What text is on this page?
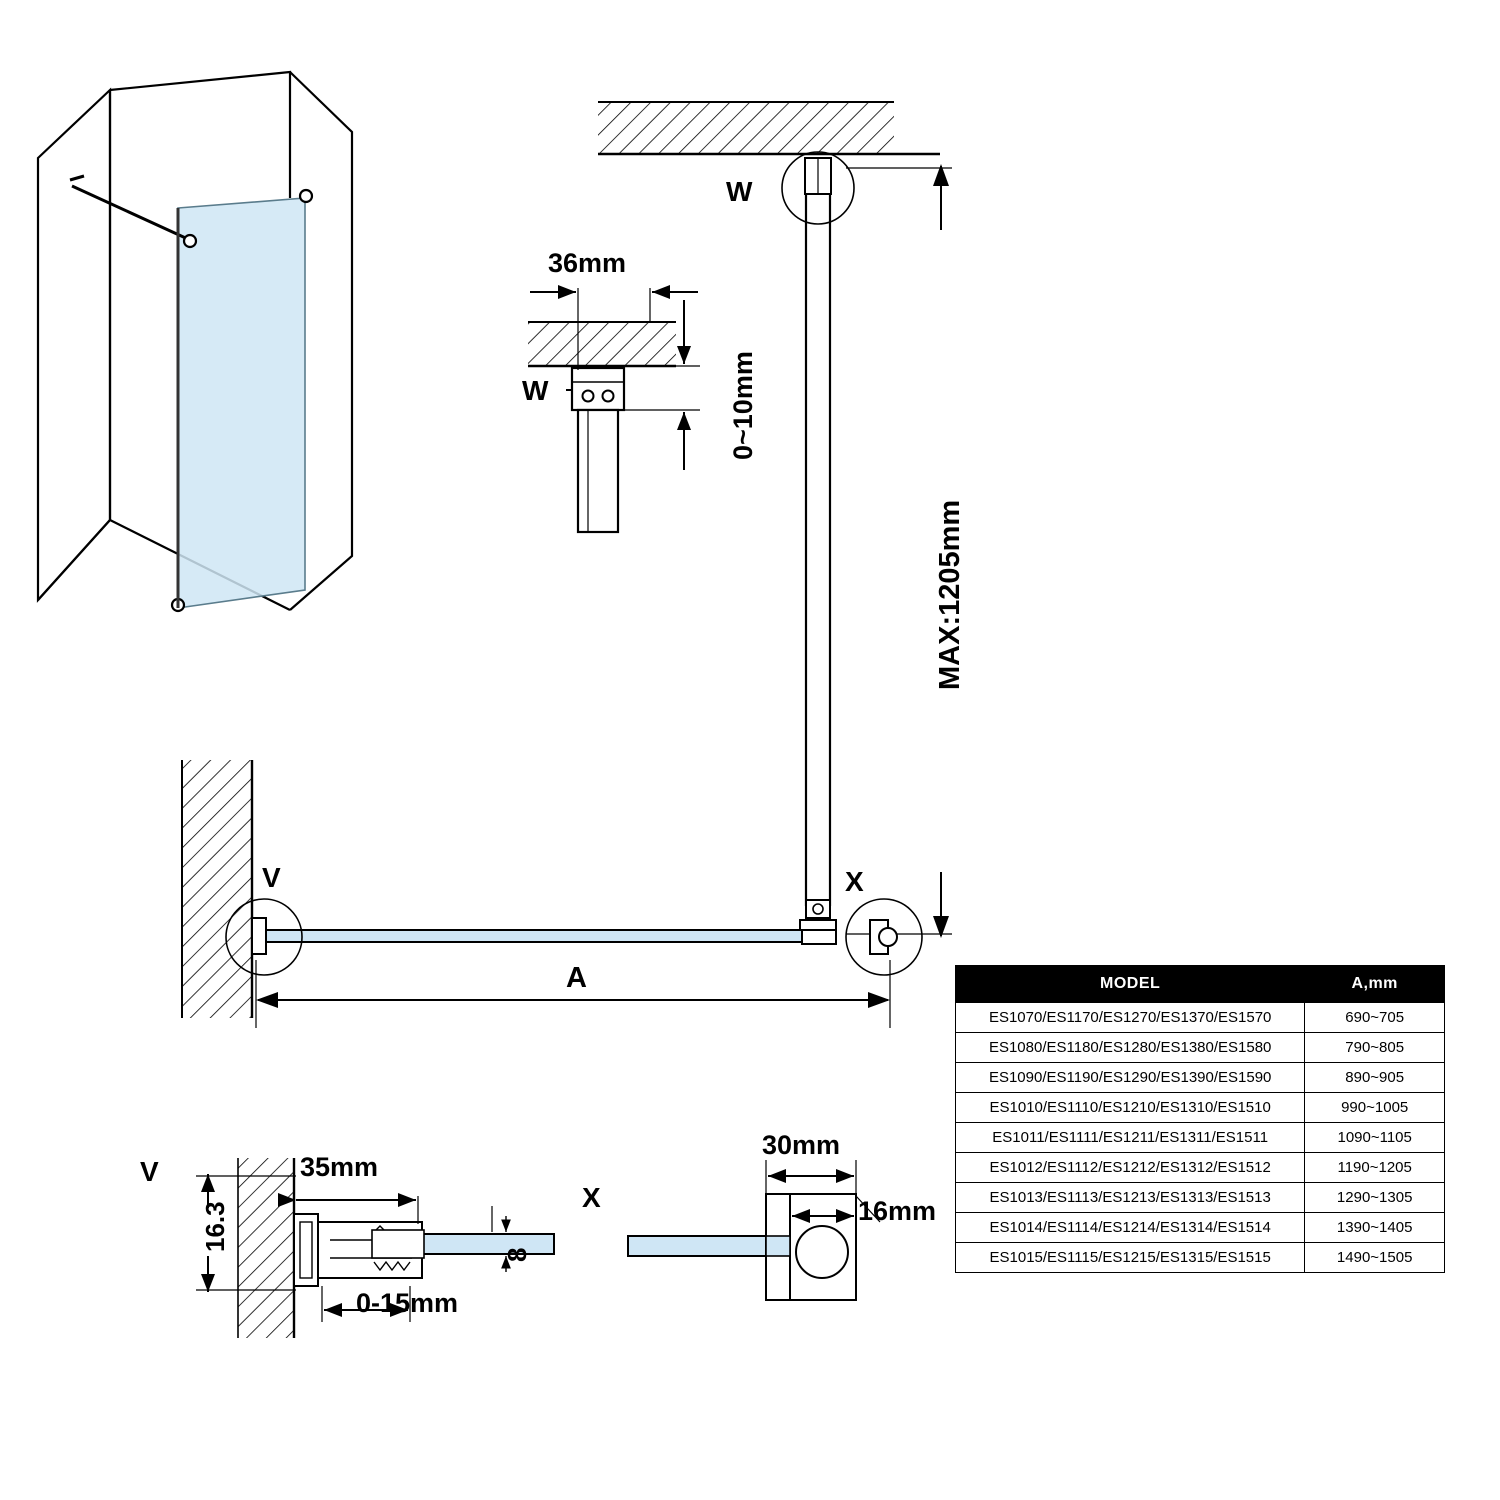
W
W
36mm
0~10mm
MAX:1205mm
V	X
A
V
16.3
35mm
8
0-15mm
X
30mm
16mm
MODEL	A,mm
ES1070/ES1170/ES1270/ES1370/ES1570	690~705
ES1080/ES1180/ES1280/ES1380/ES1580	790~805
ES1090/ES1190/ES1290/ES1390/ES1590	890~905
ES1010/ES1110/ES1210/ES1310/ES1510	990~1005
ES1011/ES1111/ES1211/ES1311/ES1511	1090~1105
ES1012/ES1112/ES1212/ES1312/ES1512	1190~1205
ES1013/ES1113/ES1213/ES1313/ES1513	1290~1305
ES1014/ES1114/ES1214/ES1314/ES1514	1390~1405
ES1015/ES1115/ES1215/ES1315/ES1515	1490~1505
